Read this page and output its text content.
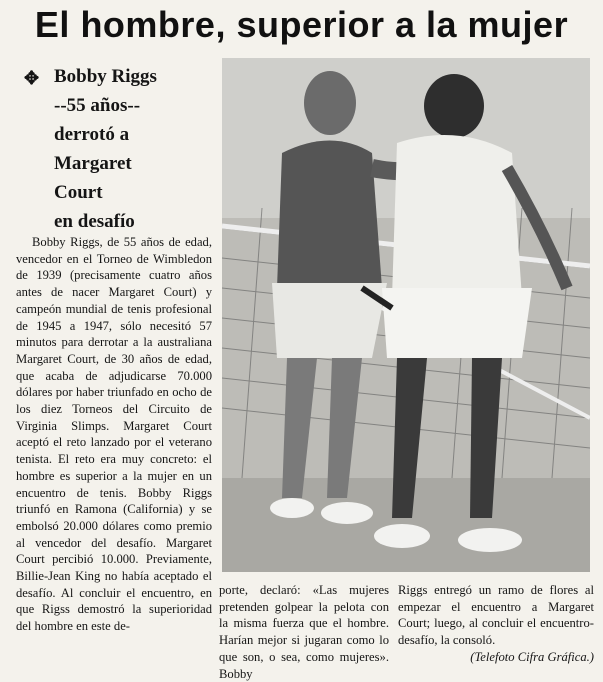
El hombre, superior a la mujer
✥ Bobby Riggs
--55 años--
derrotó a
Margaret
Court
en desafío
Bobby Riggs, de 55 años de edad, vencedor en el Torneo de Wimbledon de 1939 (precisamente cuatro años antes de nacer Margaret Court) y campeón mundial de tenis profesional de 1945 a 1947, sólo necesitó 57 minutos para derrotar a la australiana Margaret Court, de 30 años de edad, que acaba de adjudicarse 70.000 dólares por haber triunfado en ocho de los diez Torneos del Circuito de Virginia Slimps. Margaret Court aceptó el reto lanzado por el veterano tenista. El reto era muy concreto: el hombre es superior a la mujer en un encuentro de tenis. Bobby Riggs triunfó en Ramona (California) y se embolsó 20.000 dólares como premio al vencedor del desafío. Margaret Court percibió 10.000. Previamente, Billie-Jean King no había aceptado el desafío. Al concluir el encuentro, en que Rigss demostró la superioridad del hombre en este de-
porte, declaró: «Las mujeres pretenden golpear la pelota con la misma fuerza que el hombre. Harían mejor si jugaran como lo que son, o sea, como mujeres». Bobby
Riggs entregó un ramo de flores al empezar el encuentro a Margaret Court; luego, al concluir el encuentro-desafío, la consoló.
(Telefoto Cifra Gráfica.)
